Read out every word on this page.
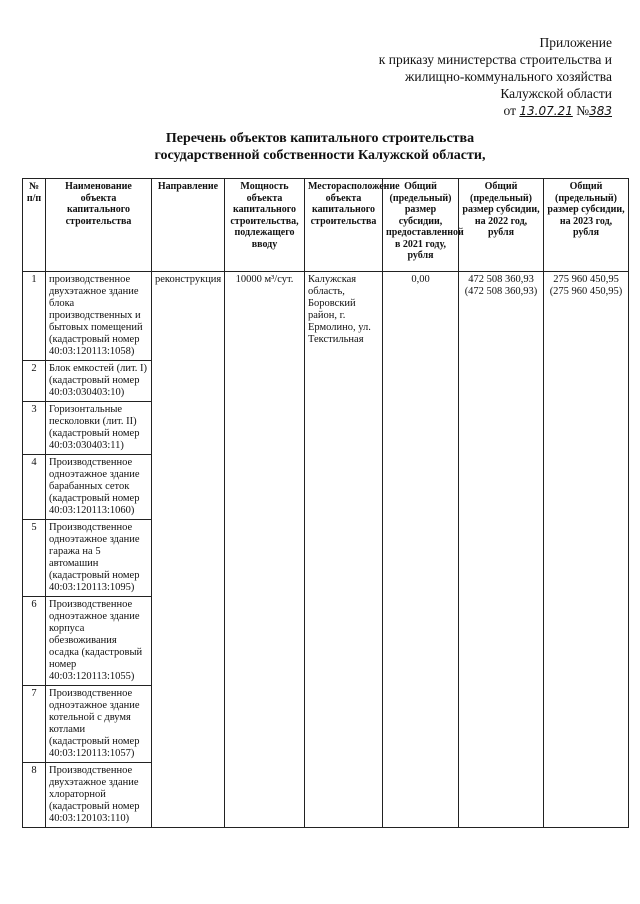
Приложение
к приказу министерства строительства и
жилищно-коммунального хозяйства
Калужской области
от 13.07.21 №383
Перечень объектов капитального строительства
государственной собственности Калужской области,
№ п/п	Наименование объекта капитального строительства	Направление	Мощность объекта капитального строительства, подлежащего вводу	Месторасположение объекта капитального строительства	Общий (предельный) размер субсидии, предоставленной в 2021 году, рубля	Общий (предельный) размер субсидии, на 2022 год, рубля	Общий (предельный) размер субсидии, на 2023 год, рубля
1	производственное двухэтажное здание блока производственных и бытовых помещений (кадастровый номер 40:03:120113:1058)	реконструкция	10000 м³/сут.	Калужская область, Боровский район, г. Ермолино, ул. Текстильная	0,00	472 508 360,93 (472 508 360,93)	275 960 450,95 (275 960 450,95)
2	Блок емкостей (лит. I) (кадастровый номер 40:03:030403:10)						
3	Горизонтальные песколовки (лит. II) (кадастровый номер 40:03:030403:11)						
4	Производственное одноэтажное здание барабанных сеток (кадастровый номер 40:03:120113:1060)						
5	Производственное одноэтажное здание гаража на 5 автомашин (кадастровый номер 40:03:120113:1095)						
6	Производственное одноэтажное здание корпуса обезвоживания осадка (кадастровый номер 40:03:120113:1055)						
7	Производственное одноэтажное здание котельной с двумя котлами (кадастровый номер 40:03:120113:1057)						
8	Производственное двухэтажное здание хлораторной (кадастровый номер 40:03:120103:110)						
